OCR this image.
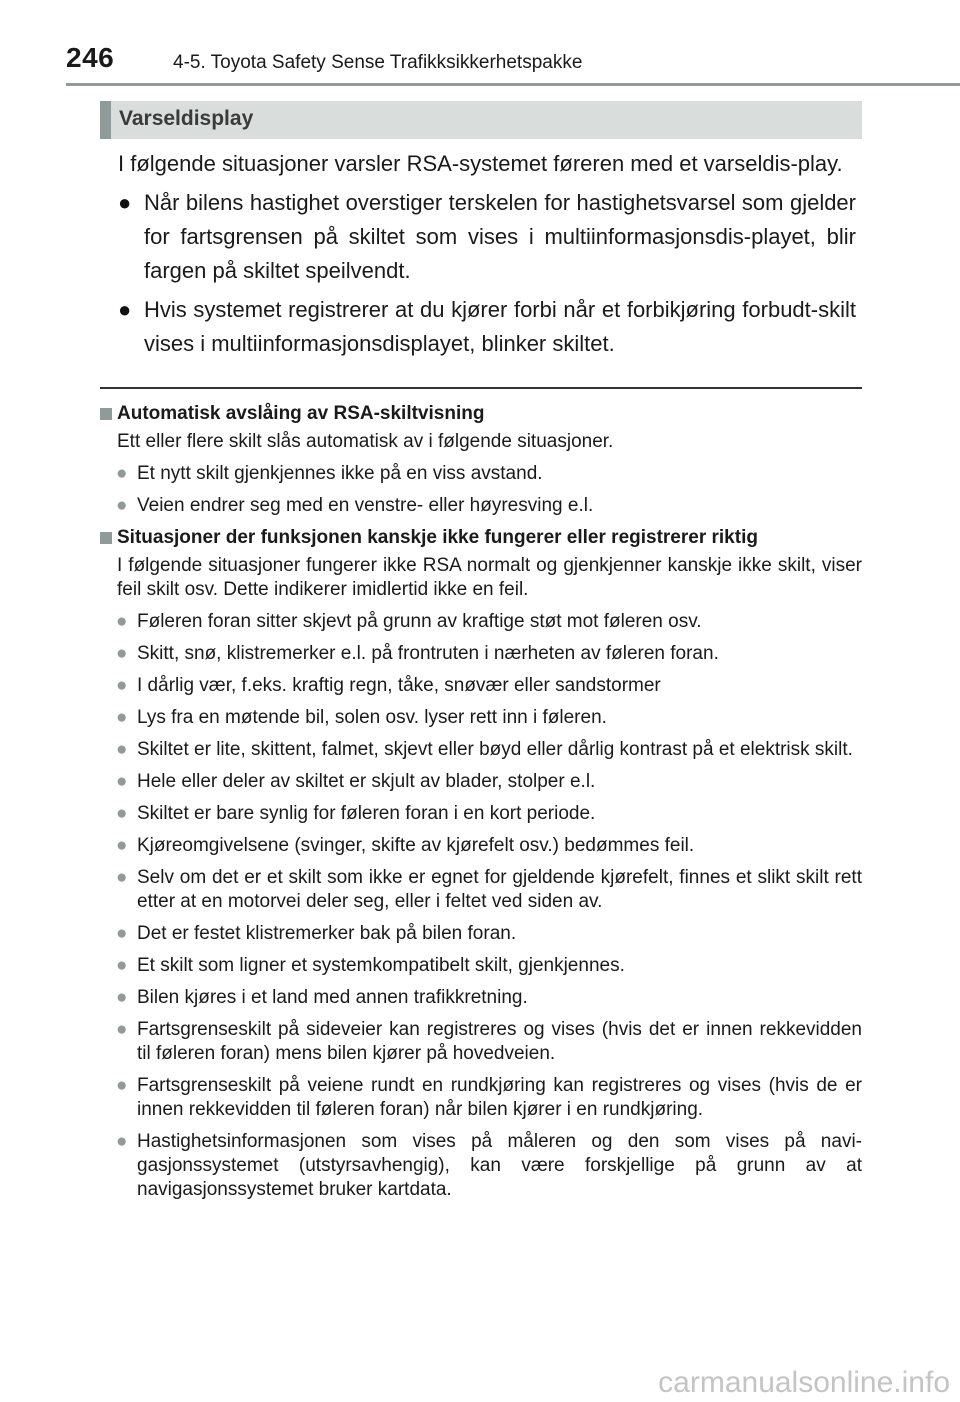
246	4-5. Toyota Safety Sense Trafikksikkerhetspakke
Varseldisplay

I følgende situasjoner varsler RSA-systemet føreren med et varseldis-play.

● Når bilens hastighet overstiger terskelen for hastighetsvarsel som gjelder for fartsgrensen på skiltet som vises i multiinformasjonsdis-playet, blir fargen på skiltet speilvendt.
● Hvis systemet registrerer at du kjører forbi når et forbikjøring forbudt-skilt vises i multiinformasjonsdisplayet, blinker skiltet.
Automatisk avslåing av RSA-skiltvisning
Ett eller flere skilt slås automatisk av i følgende situasjoner.
● Et nytt skilt gjenkjennes ikke på en viss avstand.
● Veien endrer seg med en venstre- eller høyresving e.l.
Situasjoner der funksjonen kanskje ikke fungerer eller registrerer riktig
I følgende situasjoner fungerer ikke RSA normalt og gjenkjenner kanskje ikke skilt, viser feil skilt osv. Dette indikerer imidlertid ikke en feil.
● Føleren foran sitter skjevt på grunn av kraftige støt mot føleren osv.
● Skitt, snø, klistremerker e.l. på frontruten i nærheten av føleren foran.
● I dårlig vær, f.eks. kraftig regn, tåke, snøvær eller sandstormer
● Lys fra en møtende bil, solen osv. lyser rett inn i føleren.
● Skiltet er lite, skittent, falmet, skjevt eller bøyd eller dårlig kontrast på et elektrisk skilt.
● Hele eller deler av skiltet er skjult av blader, stolper e.l.
● Skiltet er bare synlig for føleren foran i en kort periode.
● Kjøreomgivelsene (svinger, skifte av kjørefelt osv.) bedømmes feil.
● Selv om det er et skilt som ikke er egnet for gjeldende kjørefelt, finnes et slikt skilt rett etter at en motorvei deler seg, eller i feltet ved siden av.
● Det er festet klistremerker bak på bilen foran.
● Et skilt som ligner et systemkompatibelt skilt, gjenkjennes.
● Bilen kjøres i et land med annen trafikkretning.
● Fartsgrenseskilt på sideveier kan registreres og vises (hvis det er innen rekkevidden til føleren foran) mens bilen kjører på hovedveien.
● Fartsgrenseskilt på veiene rundt en rundkjøring kan registreres og vises (hvis de er innen rekkevidden til føleren foran) når bilen kjører i en rundkjøring.
● Hastighetsinformasjonen som vises på måleren og den som vises på navi-gasjonssystemet (utstyrsavhengig), kan være forskjellige på grunn av at navigasjonssystemet bruker kartdata.
carmanualsonline.info
